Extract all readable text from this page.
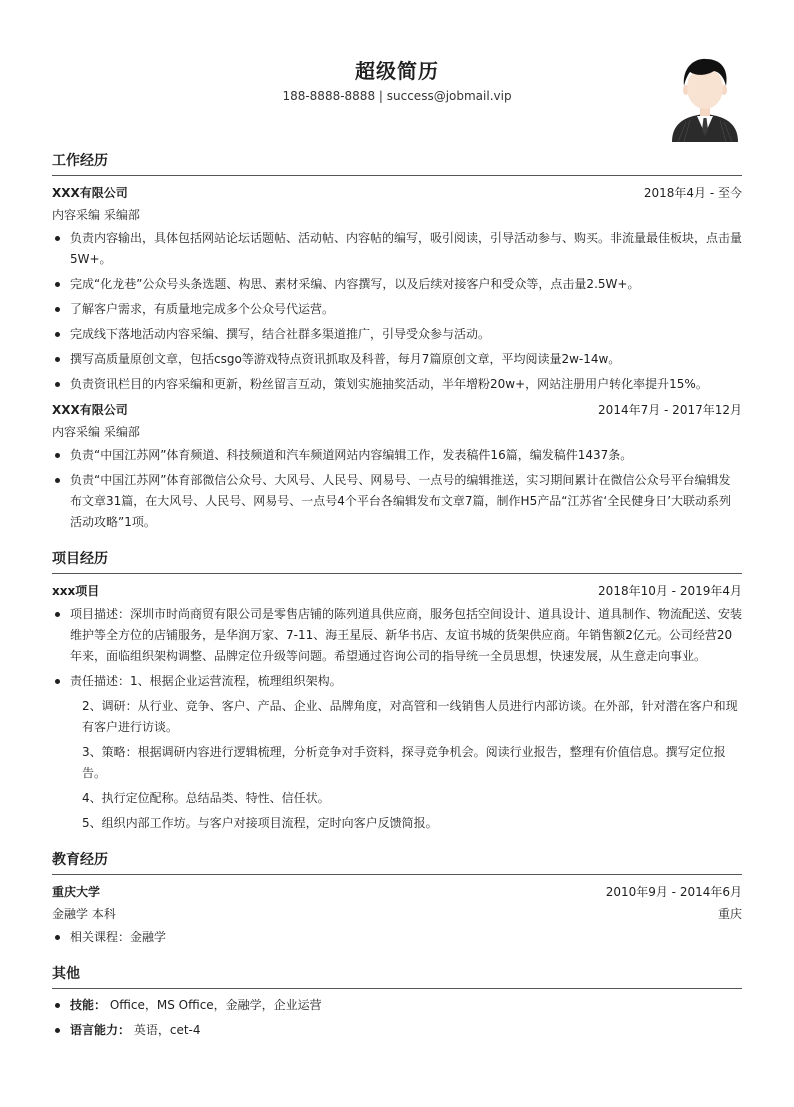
超级简历
188-8888-8888 | success@jobmail.vip
工作经历
XXX有限公司	2018年4月 - 至今
内容采编 采编部
负责内容输出，具体包括网站论坛话题帖、活动帖、内容帖的编写，吸引阅读，引导活动参与、购买。非流量最佳板块，点击量5W+。
完成“化龙巷”公众号头条选题、构思、素材采编、内容撰写，以及后续对接客户和受众等，点击量2.5W+。
了解客户需求，有质量地完成多个公众号代运营。
完成线下落地活动内容采编、撰写，结合社群多渠道推广，引导受众参与活动。
撰写高质量原创文章，包括csgo等游戏特点资讯抓取及科普，每月7篇原创文章，平均阅读量2w-14w。
负责资讯栏目的内容采编和更新，粉丝留言互动，策划实施抽奖活动，半年增粉20w+，网站注册用户转化率提升15%。
XXX有限公司	2014年7月 - 2017年12月
内容采编 采编部
负责“中国江苏网”体育频道、科技频道和汽车频道网站内容编辑工作，发表稿件16篇，编发稿件1437条。
负责“中国江苏网”体育部微信公众号、大风号、人民号、网易号、一点号的编辑推送，实习期间累计在微信公众号平台编辑发布文章31篇，在大风号、人民号、网易号、一点号4个平台各编辑发布文章7篇，制作H5产品“江苏省‘全民健身日’大联动系列活动攻略”1项。
项目经历
xxx项目	2018年10月 - 2019年4月
项目描述：深圳市时尚商贸有限公司是零售店铺的陈列道具供应商，服务包括空间设计、道具设计、道具制作、物流配送、安装维护等全方位的店铺服务，是华润万家、7-11、海王星辰、新华书店、友谊书城的货架供应商。年销售额2亿元。公司经营20年来，面临组织架构调整、品牌定位升级等问题。希望通过咨询公司的指导统一全员思想，快速发展，从生意走向事业。
责任描述：1、根据企业运营流程，梳理组织架构。
2、调研：从行业、竞争、客户、产品、企业、品牌角度，对高管和一线销售人员进行内部访谈。在外部，针对潜在客户和现有客户进行访谈。
3、策略：根据调研内容进行逻辑梳理，分析竞争对手资料，探寻竞争机会。阅读行业报告，整理有价值信息。撰写定位报告。
4、执行定位配称。总结品类、特性、信任状。
5、组织内部工作坊。与客户对接项目流程，定时向客户反馈简报。
教育经历
重庆大学	2010年9月 - 2014年6月
金融学 本科	重庆
相关课程：金融学
其他
技能： Office，MS Office，金融学，企业运营
语言能力： 英语，cet-4
